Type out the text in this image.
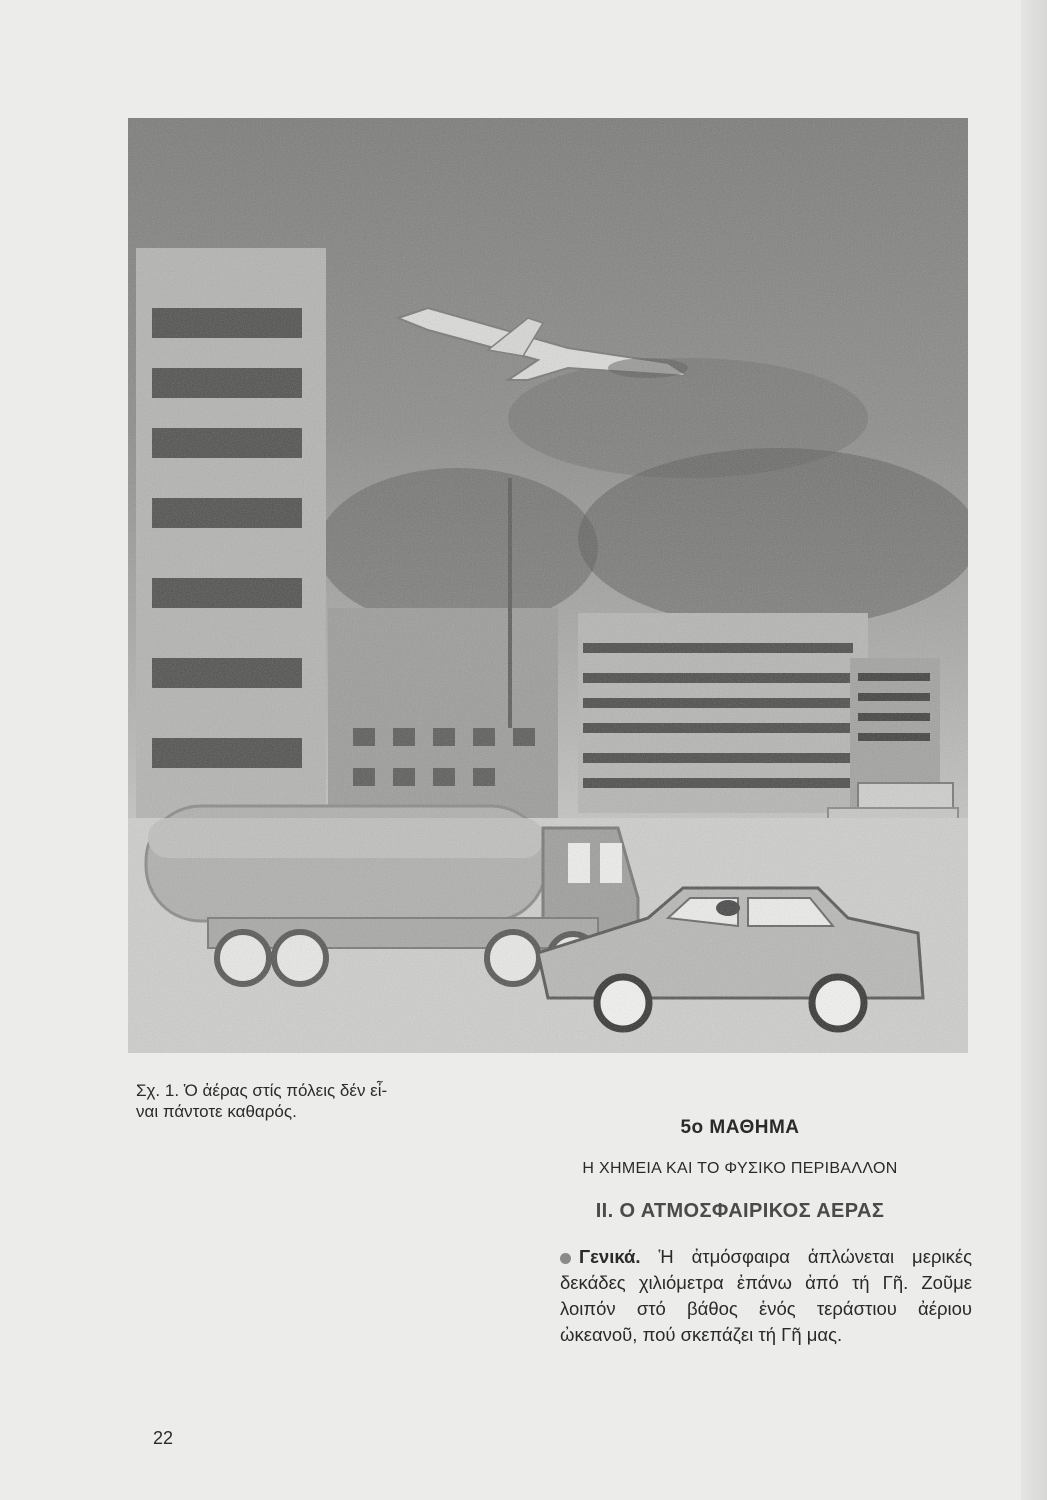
Σχ. 1. Ὁ ἀέρας στίς πόλεις δέν εἶ-
ναι πάντοτε καθαρός.
5ο ΜΑΘΗΜΑ
Η ΧΗΜΕΙΑ ΚΑΙ ΤΟ ΦΥΣΙΚΟ ΠΕΡΙΒΑΛΛΟΝ
II. Ο ΑΤΜΟΣΦΑΙΡΙΚΟΣ ΑΕΡΑΣ
Γενικά. Ἡ ἀτμόσφαιρα ἁπλώνεται μερικές δεκάδες χιλιόμετρα ἐπάνω ἀπό τή Γῆ. Ζοῦμε λοιπόν στό βάθος ἑνός τεράστιου ἀέριου ὠκεανοῦ, πού σκεπάζει τή Γῆ μας.
22
